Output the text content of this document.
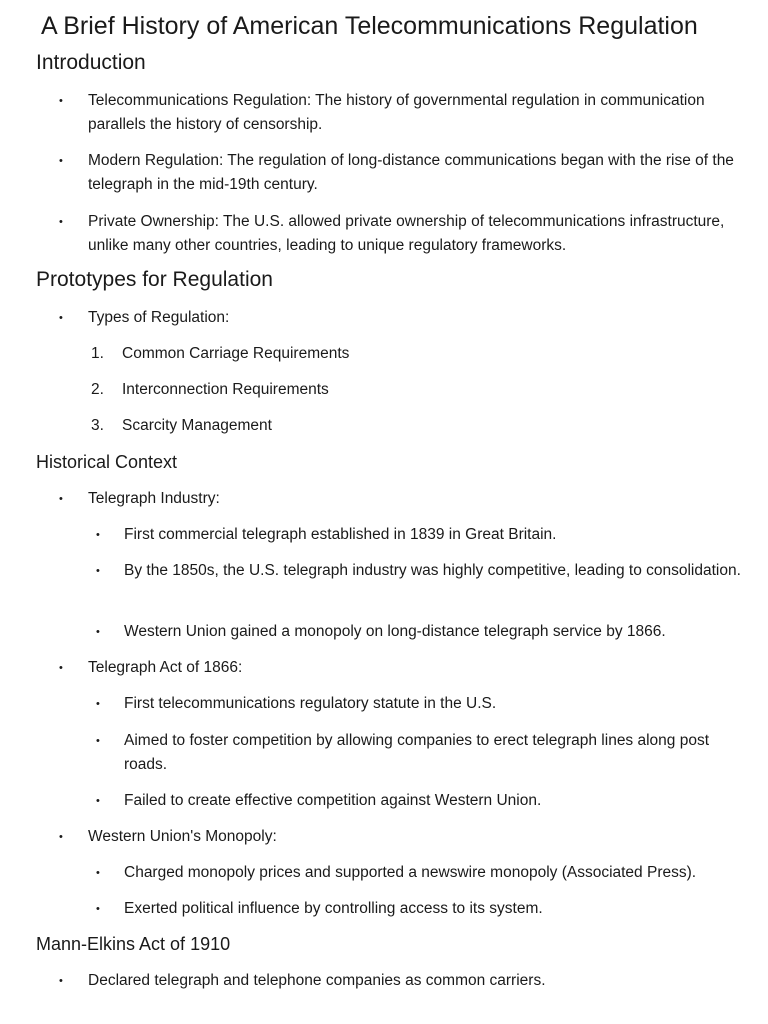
A Brief History of American Telecommunications Regulation
Introduction
• Telecommunications Regulation: The history of governmental regulation in communication parallels the history of censorship.

• Modern Regulation: The regulation of long-distance communications began with the rise of the telegraph in the mid-19th century.

• Private Ownership: The U.S. allowed private ownership of telecommunications infrastructure, unlike many other countries, leading to unique regulatory frameworks.

Prototypes for Regulation
• Types of Regulation:

1. Common Carriage Requirements

2. Interconnection Requirements

3. Scarcity Management

Historical Context
• Telegraph Industry:

• First commercial telegraph established in 1839 in Great Britain.

• By the 1850s, the U.S. telegraph industry was highly competitive, leading to consolidation.

• Western Union gained a monopoly on long-distance telegraph service by 1866.

• Telegraph Act of 1866:

• First telecommunications regulatory statute in the U.S.

• Aimed to foster competition by allowing companies to erect telegraph lines along post roads.

• Failed to create effective competition against Western Union.

• Western Union's Monopoly:

• Charged monopoly prices and supported a newswire monopoly (Associated Press).

• Exerted political influence by controlling access to its system.

Mann-Elkins Act of 1910
• Declared telegraph and telephone companies as common carriers.
